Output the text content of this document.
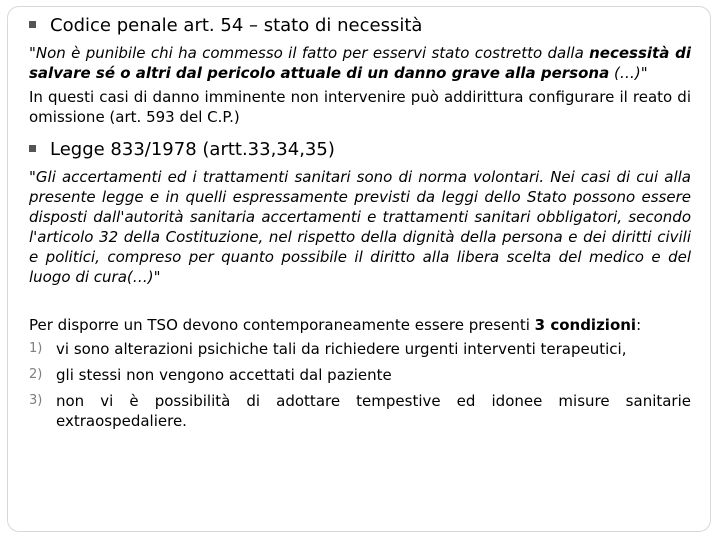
Codice penale art. 54 – stato di necessità
"Non è punibile chi ha commesso il fatto per esservi stato costretto dalla necessità di salvare sé o altri dal pericolo attuale di un danno grave alla persona (…)"
In questi casi di danno imminente non intervenire può addirittura configurare il reato di omissione (art. 593 del C.P.)
Legge 833/1978 (artt.33,34,35)
"Gli accertamenti ed i trattamenti sanitari sono di norma volontari. Nei casi di cui alla presente legge e in quelli espressamente previsti da leggi dello Stato possono essere disposti dall'autorità sanitaria accertamenti e trattamenti sanitari obbligatori, secondo l'articolo 32 della Costituzione, nel rispetto della dignità della persona e dei diritti civili e politici, compreso per quanto possibile il diritto alla libera scelta del medico e del luogo di cura(…)"
Per disporre un TSO devono contemporaneamente essere presenti 3 condizioni:
1) vi sono alterazioni psichiche tali da richiedere urgenti interventi terapeutici,
2) gli stessi non vengono accettati dal paziente
3) non vi è possibilità di adottare tempestive ed idonee misure sanitarie extraospedaliere.
